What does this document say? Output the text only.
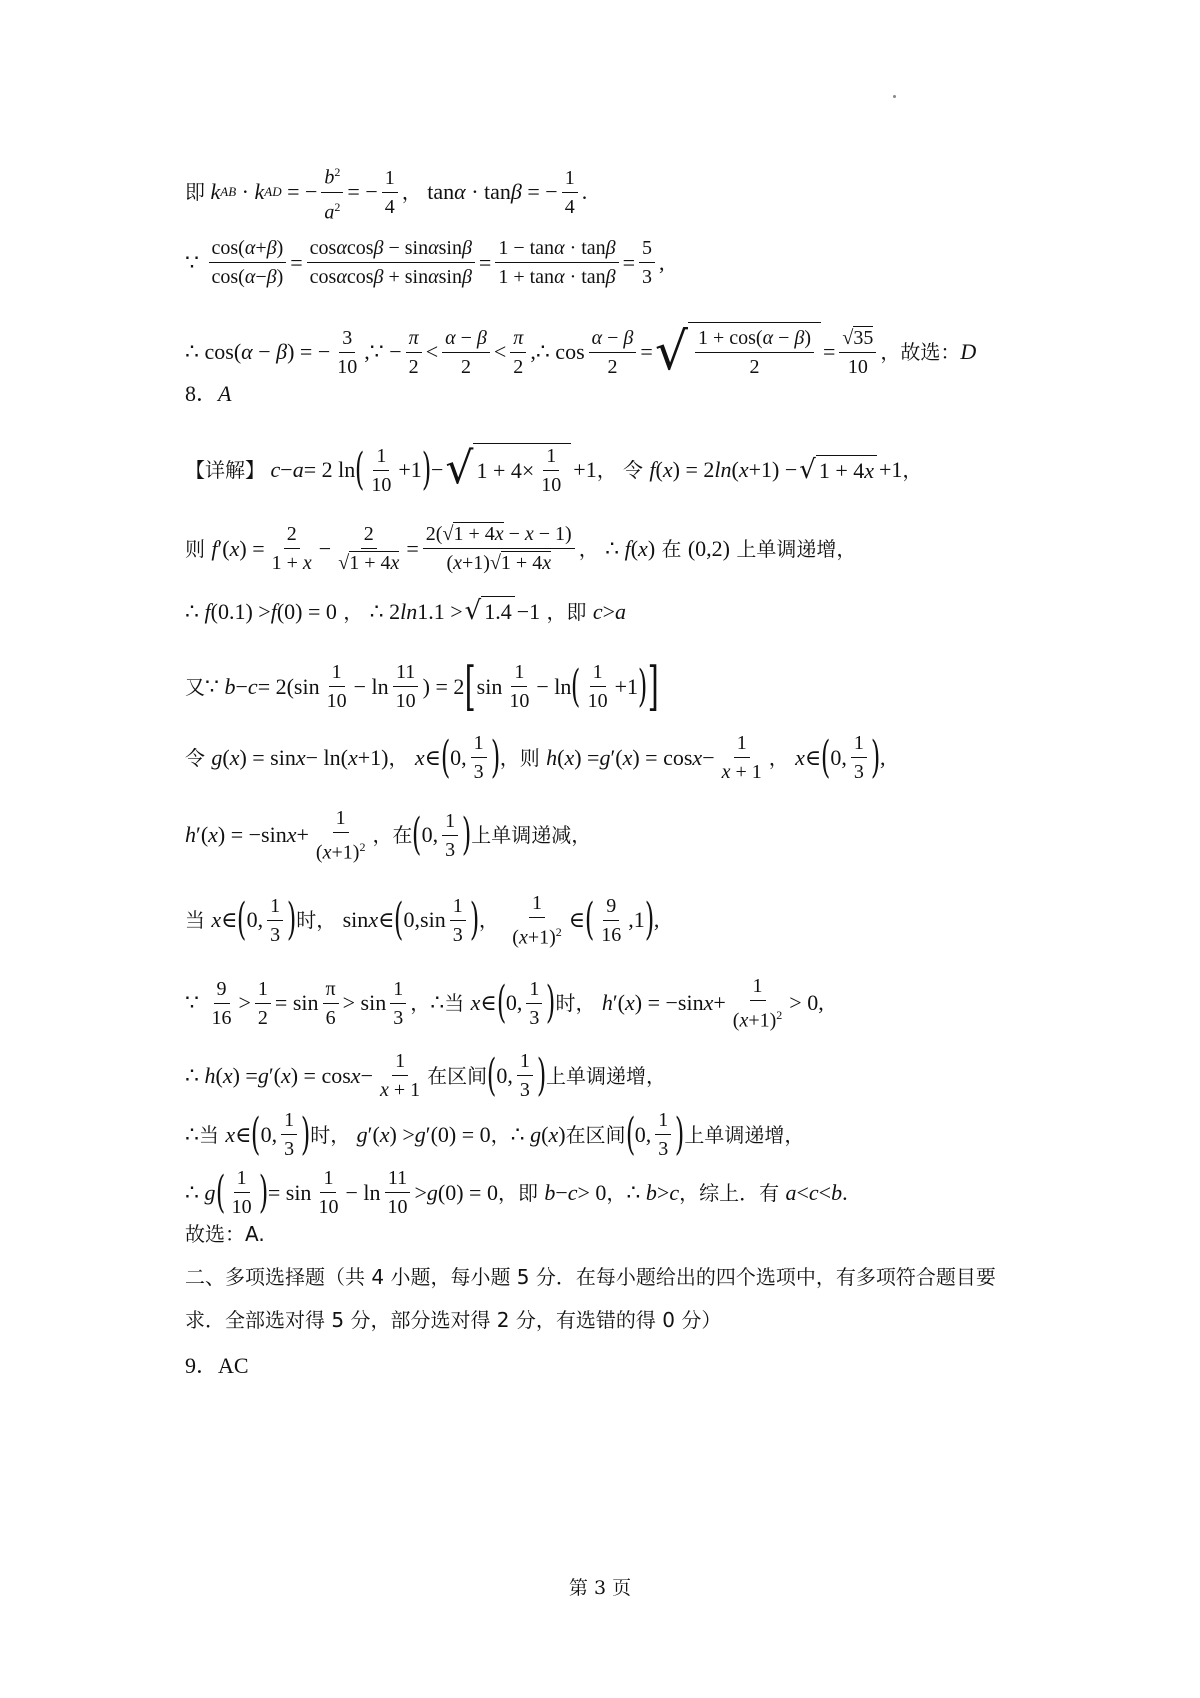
即 k AB · k AD = − $\frac{b^2}{a^2}$ = − $\frac{1}{4}$ ， tan α · tan β = − $\frac{1}{4}$ .
∵ $\frac{\cos(\alpha+\beta)}{\cos(\alpha-\beta)} = \frac{\cos\alpha\cos\beta - \sin\alpha\sin\beta}{\cos\alpha\cos\beta + \sin\alpha\sin\beta} = \frac{1 - \tan\alpha \cdot \tan\beta}{1 + \tan\alpha \cdot \tan\beta} = \frac{5}{3}$ ,
∴ cos(α − β) = − $\frac{3}{10}$ ,∵ − $\frac{\pi}{2} < \frac{\alpha - \beta}{2} < \frac{\pi}{2}$ ,∴ $\cos \frac{\alpha - \beta}{2}$ = √ $\frac{1 + \cos(\alpha - \beta)}{2} = \frac{√35}{10}$ ，故选： D
8． A
【详解】 c − a = 2 ln ( $\frac{1}{10} +1$ ) − √ $1 + 4\times \frac{1}{10} +1$ ， 令 f ( x ) = 2 ln ( x +1) − √ 1 + 4 x +1 ，
则 f ′( x ) = $\frac{2}{1 + x} - \frac{2}{√1 + 4x} = \frac{2(√1 + 4x - x - 1)}{(x+1)√1 + 4x}$ ， ∴ f ( x ) 在 (0,2) 上单调递增，
∴ f (0.1) > f (0) = 0 ， ∴ 2 ln 1.1 > √ 1.4 −1 ，即 c > a
又 ∵ $b - c = 2(\sin \frac{1}{10} - \ln \frac{11}{10}$ ) = 2 [ $\sin \frac{1}{10} - \ln$ ( $\frac{1}{10} +1$ ) ]
令 g ( x ) = sin x − ln( x +1) ， x ∈ ( 0, $\frac{1}{3}$ ) ，则 h ( x ) = g ′( x ) = $\cos x - \frac{1}{x + 1}$ ， x ∈ ( 0, $\frac{1}{3}$ ) ,
h ′( x ) = −sin $x + \frac{1}{(x+1)^2}$ ，在 ( 0, $\frac{1}{3}$ ) 上单调递减，
当 x ∈ ( 0, $\frac{1}{3}$ ) 时， sin x ∈ ( $0,\sin \frac{1}{3}$ ) ， $\frac{1}{(x+1)^2}$ ∈ ( $\frac{9}{16} ,1$ ) ,
∵ $\frac{9}{16} > \frac{1}{2} = \sin \frac{\pi}{6} > \sin \frac{1}{3}$ ， ∴ 当 x ∈ ( 0, $\frac{1}{3}$ ) 时， h ′( x ) = −sin $x + \frac{1}{(x+1)^2} > 0$,
∴ h ( x ) = g ′( x ) = $\cos x - \frac{1}{x + 1}$ 在区间 ( 0, $\frac{1}{3}$ ) 上单调递增，
∴ 当 x ∈ ( 0, $\frac{1}{3}$ ) 时， g ′( x ) > g ′(0) = 0 ， ∴ g ( x ) 在区间 ( 0, $\frac{1}{3}$ ) 上单调递增，
∴ g ( $\frac{1}{10}$ ) = $\sin \frac{1}{10} - \ln \frac{11}{10} > g$ (0) = 0 ，即 b − c > 0 ， ∴ b > c ，综上．有 a < c < b .
故选：A.
二、多项选择题（共 4 小题，每小题 5 分．在每小题给出的四个选项中，有多项符合题目要
求．全部选对得 5 分，部分选对得 2 分，有选错的得 0 分）
9．AC
第 3 页
